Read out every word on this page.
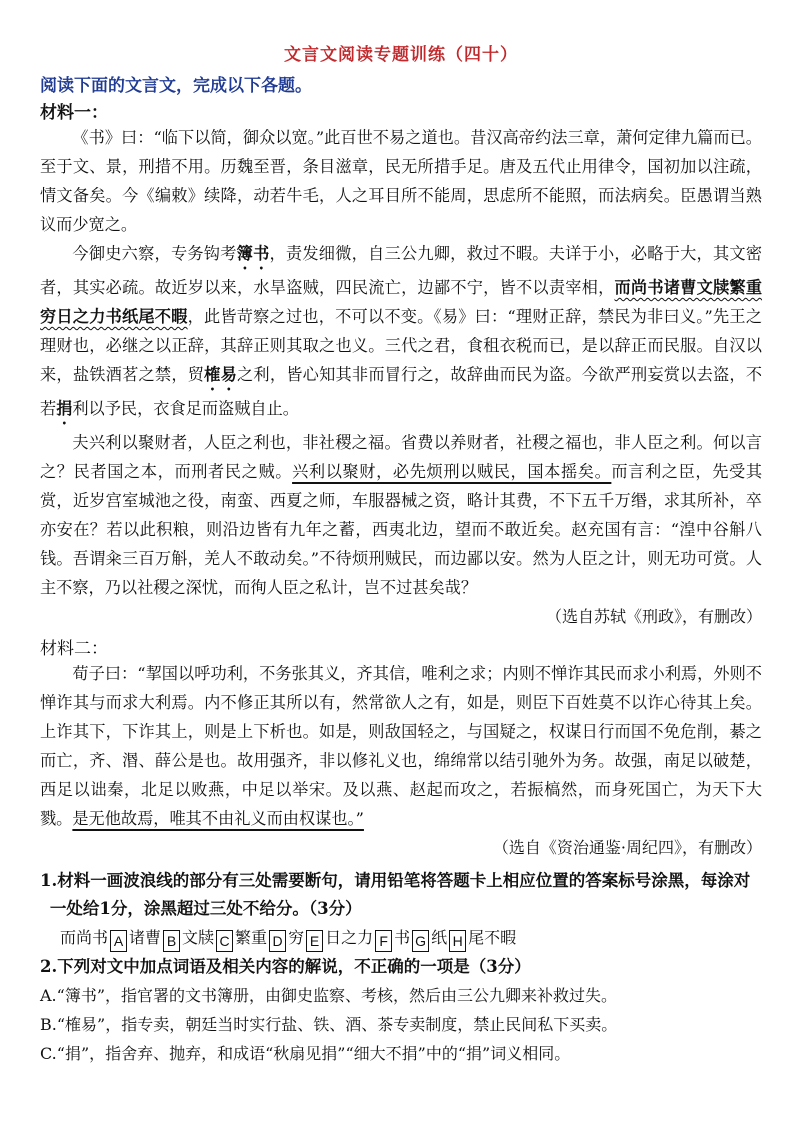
文言文阅读专题训练（四十）
阅读下面的文言文，完成以下各题。
材料一：

《书》曰：“临下以简，御众以宽。”此百世不易之道也。昔汉高帝约法三章，萧何定律九篇而已。至于文、景，刑措不用。历魏至晋，条目滋章，民无所措手足。唐及五代止用律令，国初加以注疏，情文备矣。今《编敕》续降，动若牛毛，人之耳目所不能周，思虑所不能照，而法病矣。臣愚谓当熟议而少宽之。

今御史六察，专务钩考簿书，责发细微，自三公九卿，救过不暇。夫详于小，必略于大，其文密者，其实必疏。故近岁以来，水旱盗贼，四民流亡，边鄙不宁，皆不以责宰相，而尚书诸曹文牍繁重穷日之力书纸尾不暇，此皆苛察之过也，不可以不变。《易》曰：“理财正辞，禁民为非曰义。”先王之理财也，必继之以正辞，其辞正则其取之也义。三代之君，食租衣税而已，是以辞正而民服。自汉以来，盐铁酒茗之禁，贸榷易之利，皆心知其非而冒行之，故辞曲而民为盗。今欲严刑妄赏以去盗，不若捐利以予民，衣食足而盗贼自止。

夫兴利以聚财者，人臣之利也，非社稷之福。省费以养财者，社稷之福也，非人臣之利。何以言之？民者国之本，而刑者民之贼。兴利以聚财，必先烦刑以贼民，国本摇矣。而言利之臣，先受其赏，近岁宫室城池之役，南蛮、西夏之师，车服器械之资，略计其费，不下五千万缗，求其所补，卒亦安在？若以此积粮，则沿边皆有九年之蓄，西夷北边，望而不敢近矣。赵充国有言：“湟中谷斛八钱。吾谓籴三百万斛，羌人不敢动矣。”不待烦刑贼民，而边鄙以安。然为人臣之计，则无功可赏。人主不察，乃以社稷之深忧，而徇人臣之私计，岂不过甚矣哉？

（选自苏轼《刑政》，有删改）
材料二：

荀子曰：“挈国以呼功利，不务张其义，齐其信，唯利之求；内则不惮诈其民而求小利焉，外则不惮诈其与而求大利焉。内不修正其所以有，然常欲人之有，如是，则臣下百姓莫不以诈心待其上矣。上诈其下，下诈其上，则是上下析也。如是，则敌国轻之，与国疑之，权谋日行而国不免危削，綦之而亡，齐、湣、薛公是也。故用强齐，非以修礼义也，绵绵常以结引驰外为务。故强，南足以破楚，西足以诎秦，北足以败燕，中足以举宋。及以燕、赵起而攻之，若振槁然，而身死国亡，为天下大戮。是无他故焉，唯其不由礼义而由权谋也。”

（选自《资治通鉴·周纪四》，有删改）
1.材料一画波浪线的部分有三处需要断句，请用铅笔将答题卡上相应位置的答案标号涂黑，每涂对一处给1分，涂黑超过三处不给分。（3分）
而尚书 A 诸曹 B 文牍 C 繁重 D 穷 E 日之力 F 书 G 纸 H 尾不暇
2.下列对文中加点词语及相关内容的解说，不正确的一项是（3分）
A.“簿书”，指官署的文书簿册，由御史监察、考核，然后由三公九卿来补救过失。
B.“榷易”，指专卖，朝廷当时实行盐、铁、酒、茶专卖制度，禁止民间私下买卖。
C.“捐”，指舍弃、抛弃，和成语“秋扇见捐”“细大不捐”中的“捐”词义相同。
